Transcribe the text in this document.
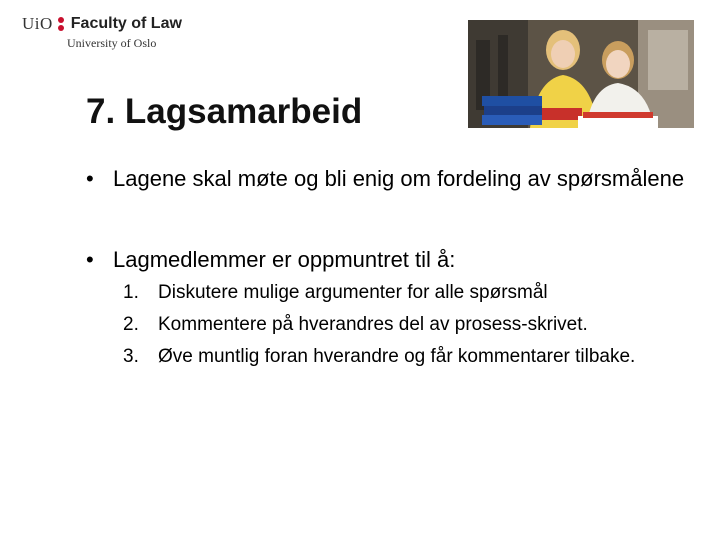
UiO Faculty of Law
University of Oslo
7. Lagsamarbeid
• Lagene skal møte og bli enig om fordeling av spørsmålene
• Lagmedlemmer er oppmuntret til å:
1.	Diskutere mulige argumenter for alle spørsmål
2.	Kommentere på hverandres del av prosess-skrivet.
3.	Øve muntlig foran hverandre og får kommentarer tilbake.
